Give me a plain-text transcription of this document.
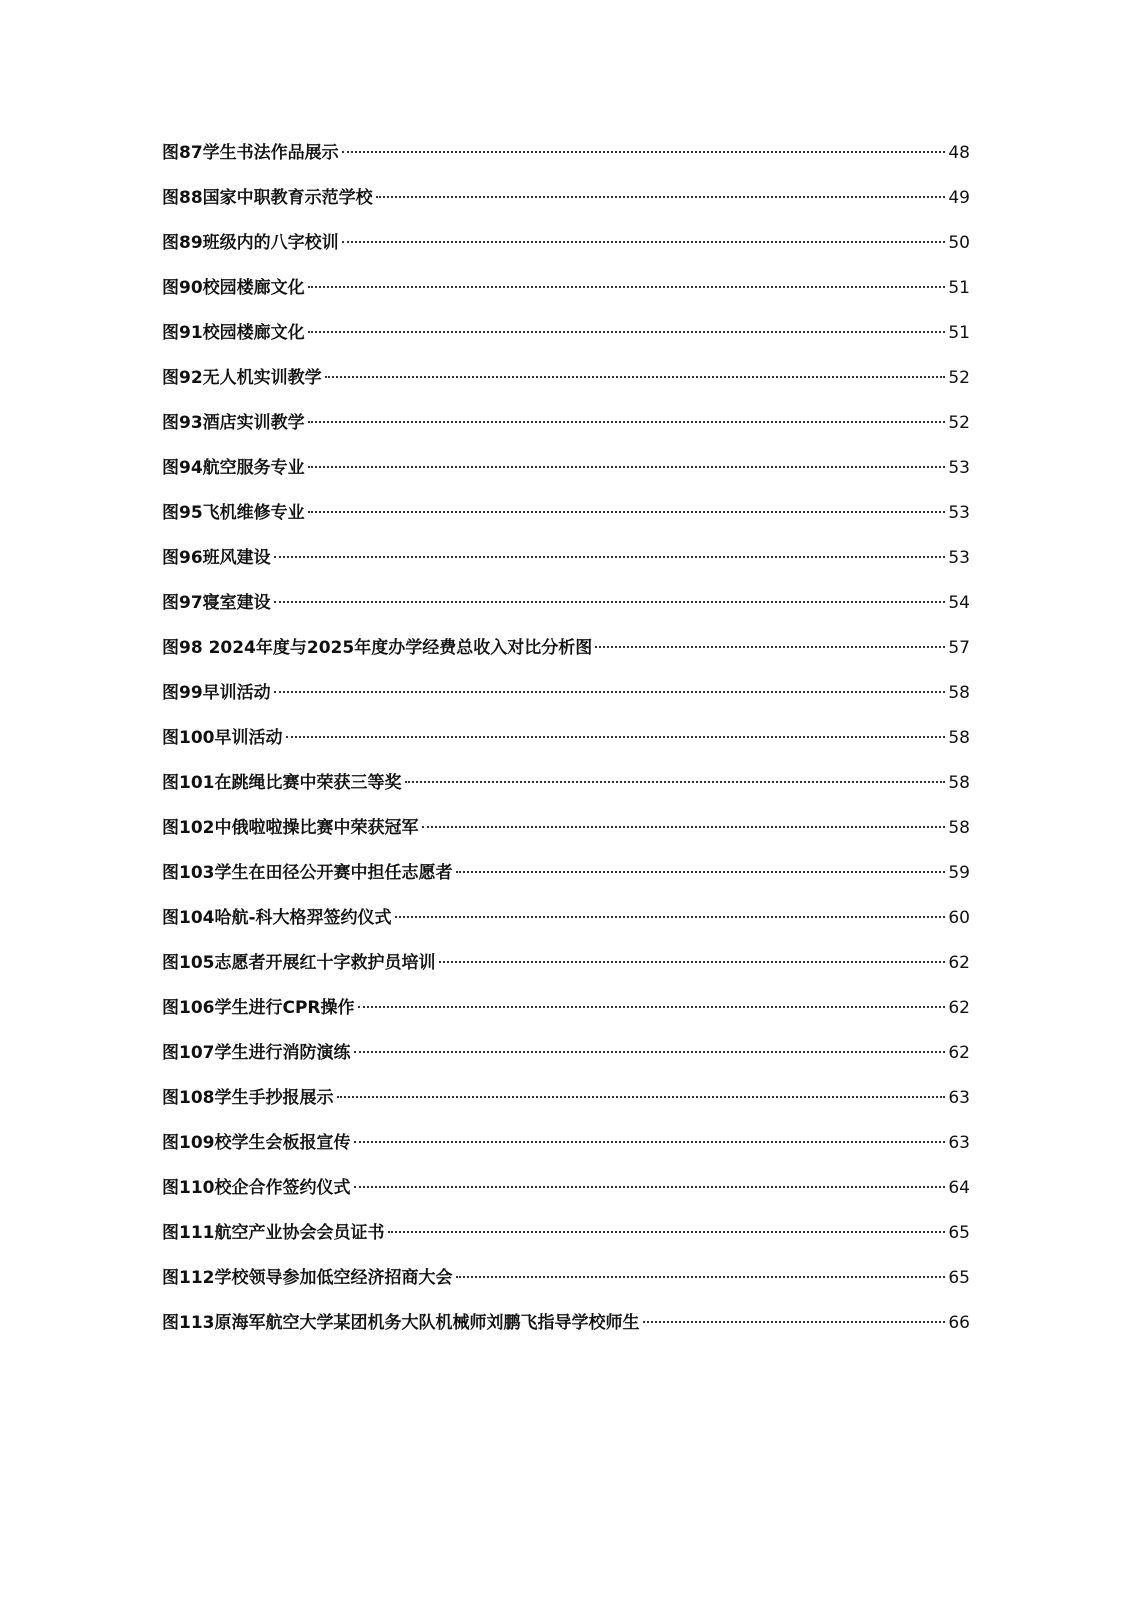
图87学生书法作品展示	48
图88国家中职教育示范学校	49
图89班级内的八字校训	50
图90校园楼廊文化	51
图91校园楼廊文化	51
图92无人机实训教学	52
图93酒店实训教学	52
图94航空服务专业	53
图95飞机维修专业	53
图96班风建设	53
图97寝室建设	54
图98 2024年度与2025年度办学经费总收入对比分析图	57
图99早训活动	58
图100早训活动	58
图101在跳绳比赛中荣获三等奖	58
图102中俄啦啦操比赛中荣获冠军	58
图103学生在田径公开赛中担任志愿者	59
图104哈航-科大格羿签约仪式	60
图105志愿者开展红十字救护员培训	62
图106学生进行CPR操作	62
图107学生进行消防演练	62
图108学生手抄报展示	63
图109校学生会板报宣传	63
图110校企合作签约仪式	64
图111航空产业协会会员证书	65
图112学校领导参加低空经济招商大会	65
图113原海军航空大学某团机务大队机械师刘鹏飞指导学校师生	66
